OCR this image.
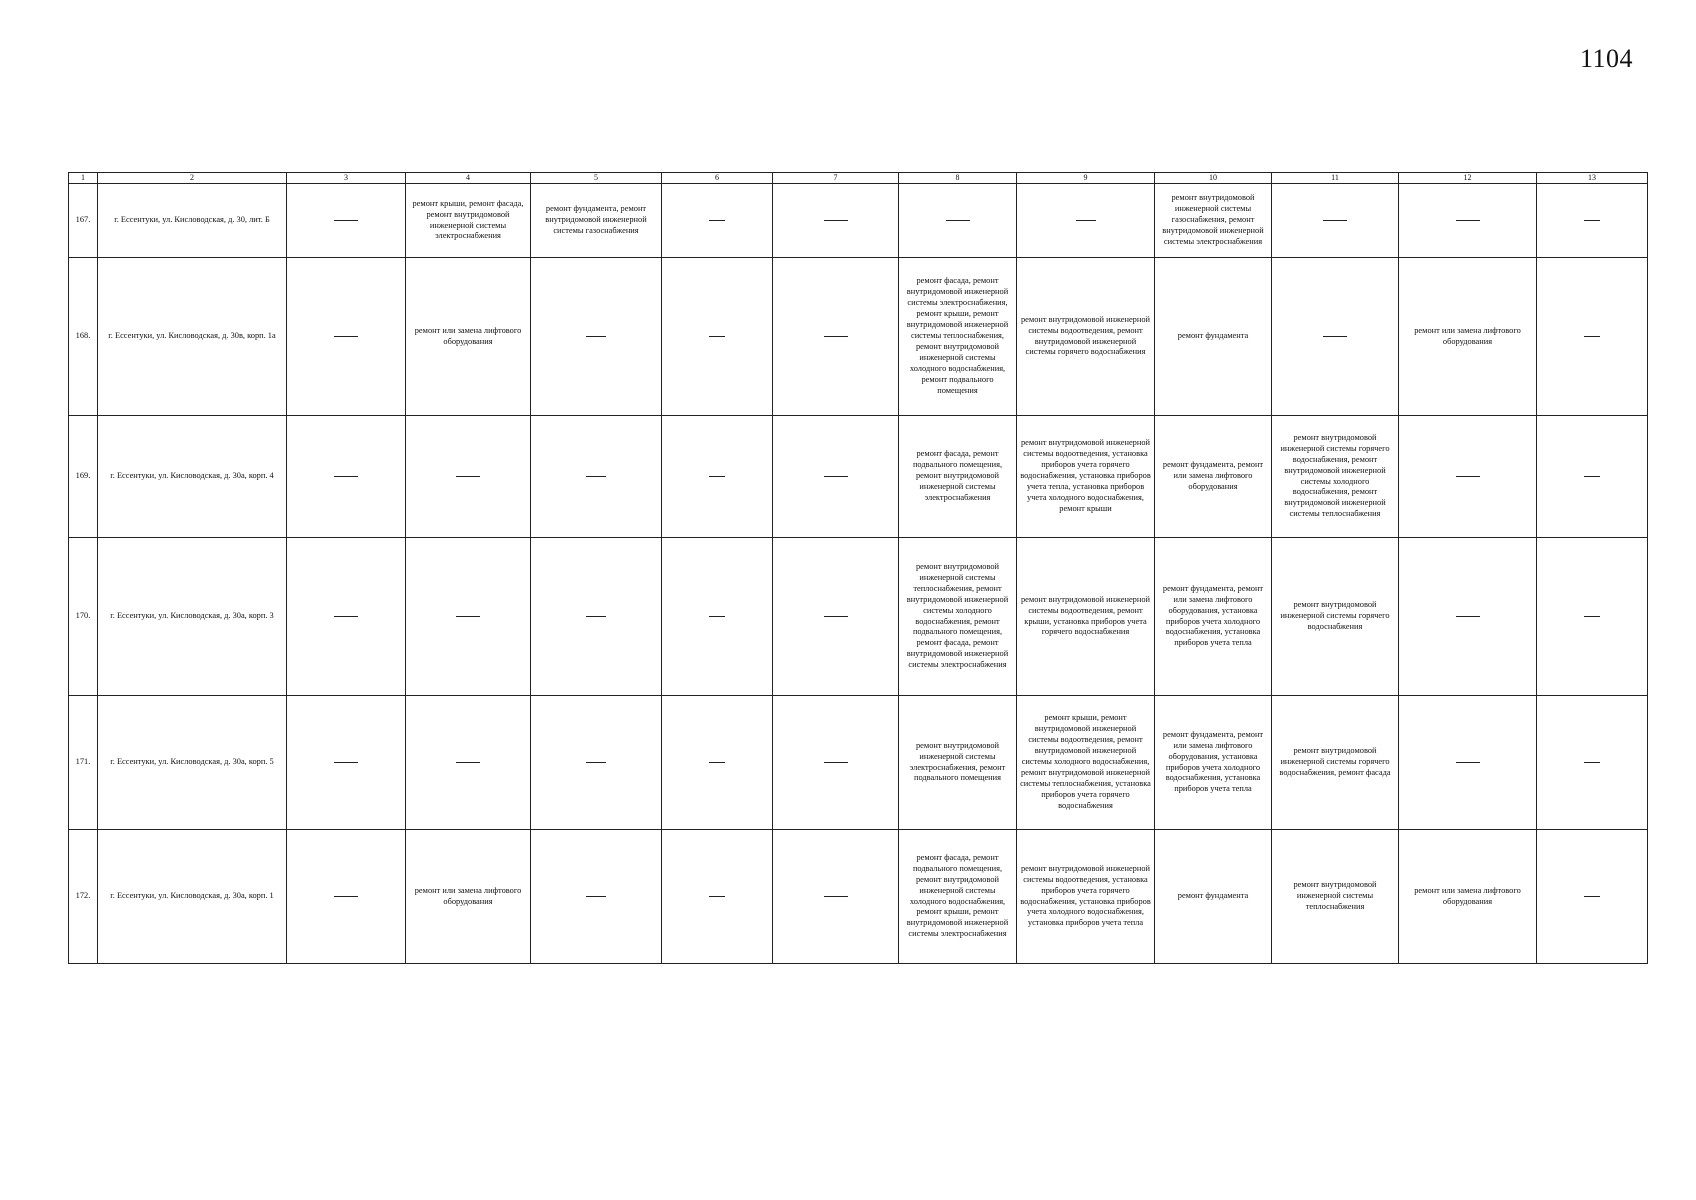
1104
1	2	3	4	5	6	7	8	9	10	11	12	13
167.	г. Ессентуки, ул. Кисловодская, д. 30, лит. Б		ремонт крыши, ремонт фасада, ремонт внутридомовой инженерной системы электроснабжения	ремонт фундамента, ремонт внутридомовой инженерной системы газоснабжения					ремонт внутридомовой инженерной системы газоснабжения, ремонт внутридомовой инженерной системы электроснабжения			
168.	г. Ессентуки, ул. Кисловодская, д. 30в, корп. 1а		ремонт или замена лифтового оборудования				ремонт фасада, ремонт внутридомовой инженерной системы электроснабжения, ремонт крыши, ремонт внутридомовой инженерной системы теплоснабжения, ремонт внутридомовой инженерной системы холодного водоснабжения, ремонт подвального помещения	ремонт внутридомовой инженерной системы водоотведения, ремонт внутридомовой инженерной системы горячего водоснабжения	ремонт фундамента		ремонт или замена лифтового оборудования	
169.	г. Ессентуки, ул. Кисловодская, д. 30а, корп. 4						ремонт фасада, ремонт подвального помещения, ремонт внутридомовой инженерной системы электроснабжения	ремонт внутридомовой инженерной системы водоотведения, установка приборов учета горячего водоснабжения, установка приборов учета тепла, установка приборов учета холодного водоснабжения, ремонт крыши	ремонт фундамента, ремонт или замена лифтового оборудования	ремонт внутридомовой инженерной системы горячего водоснабжения, ремонт внутридомовой инженерной системы холодного водоснабжения, ремонт внутридомовой инженерной системы теплоснабжения		
170.	г. Ессентуки, ул. Кисловодская, д. 30а, корп. 3						ремонт внутридомовой инженерной системы теплоснабжения, ремонт внутридомовой инженерной системы холодного водоснабжения, ремонт подвального помещения, ремонт фасада, ремонт внутридомовой инженерной системы электроснабжения	ремонт внутридомовой инженерной системы водоотведения, ремонт крыши, установка приборов учета горячего водоснабжения	ремонт фундамента, ремонт или замена лифтового оборудования, установка приборов учета холодного водоснабжения, установка приборов учета тепла	ремонт внутридомовой инженерной системы горячего водоснабжения		
171.	г. Ессентуки, ул. Кисловодская, д. 30а, корп. 5						ремонт внутридомовой инженерной системы электроснабжения, ремонт подвального помещения	ремонт крыши, ремонт внутридомовой инженерной системы водоотведения, ремонт внутридомовой инженерной системы холодного водоснабжения, ремонт внутридомовой инженерной системы теплоснабжения, установка приборов учета горячего водоснабжения	ремонт фундамента, ремонт или замена лифтового оборудования, установка приборов учета холодного водоснабжения, установка приборов учета тепла	ремонт внутридомовой инженерной системы горячего водоснабжения, ремонт фасада		
172.	г. Ессентуки, ул. Кисловодская, д. 30а, корп. 1		ремонт или замена лифтового оборудования				ремонт фасада, ремонт подвального помещения, ремонт внутридомовой инженерной системы холодного водоснабжения, ремонт крыши, ремонт внутридомовой инженерной системы электроснабжения	ремонт внутридомовой инженерной системы водоотведения, установка приборов учета горячего водоснабжения, установка приборов учета холодного водоснабжения, установка приборов учета тепла	ремонт фундамента	ремонт внутридомовой инженерной системы теплоснабжения	ремонт или замена лифтового оборудования	
